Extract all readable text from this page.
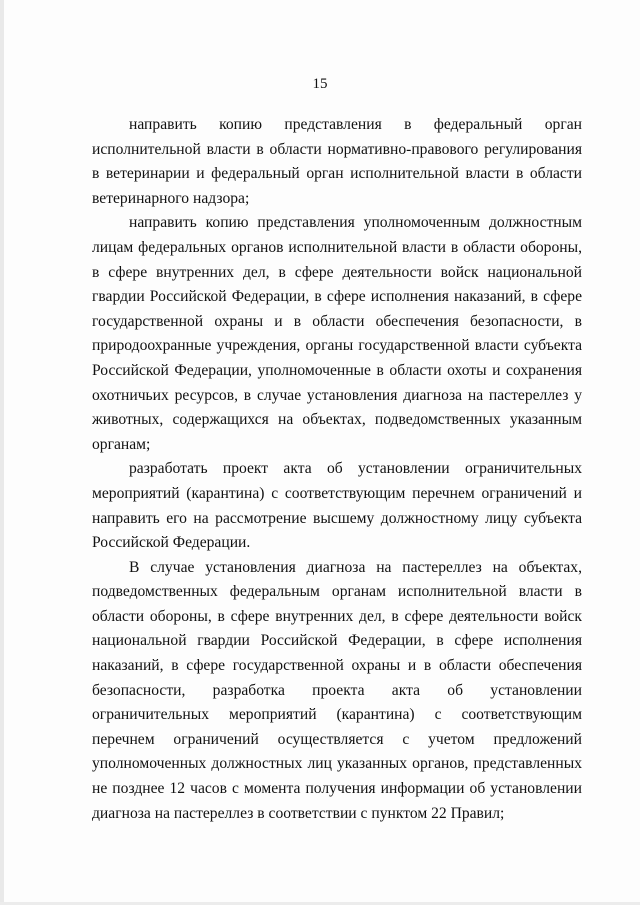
15

направить копию представления в федеральный орган исполнительной власти в области нормативно-правового регулирования в ветеринарии и федеральный орган исполнительной власти в области ветеринарного надзора;

направить копию представления уполномоченным должностным лицам федеральных органов исполнительной власти в области обороны, в сфере внутренних дел, в сфере деятельности войск национальной гвардии Российской Федерации, в сфере исполнения наказаний, в сфере государственной охраны и в области обеспечения безопасности, в природоохранные учреждения, органы государственной власти субъекта Российской Федерации, уполномоченные в области охоты и сохранения охотничьих ресурсов, в случае установления диагноза на пастереллез у животных, содержащихся на объектах, подведомственных указанным органам;

разработать проект акта об установлении ограничительных мероприятий (карантина) с соответствующим перечнем ограничений и направить его на рассмотрение высшему должностному лицу субъекта Российской Федерации.

В случае установления диагноза на пастереллез на объектах, подведомственных федеральным органам исполнительной власти в области обороны, в сфере внутренних дел, в сфере деятельности войск национальной гвардии Российской Федерации, в сфере исполнения наказаний, в сфере государственной охраны и в области обеспечения безопасности, разработка проекта акта об установлении ограничительных мероприятий (карантина) с соответствующим перечнем ограничений осуществляется с учетом предложений уполномоченных должностных лиц указанных органов, представленных не позднее 12 часов с момента получения информации об установлении диагноза на пастереллез в соответствии с пунктом 22 Правил;
